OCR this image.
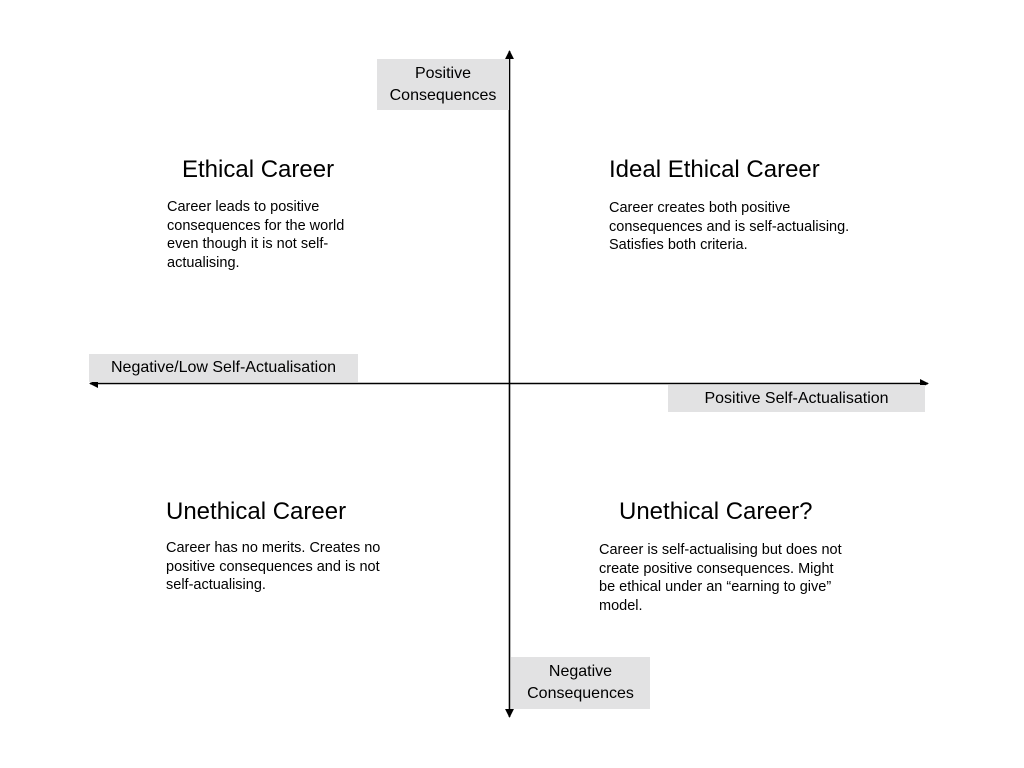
Positive
Consequences
Negative
Consequences
Negative/Low Self-Actualisation
Positive Self-Actualisation
Ethical Career
Career leads to positive consequences for the world even though it is not self-actualising.
Ideal Ethical Career
Career creates both positive consequences and is self-actualising. Satisfies both criteria.
Unethical Career
Career has no merits. Creates no positive consequences and is not self-actualising.
Unethical Career?
Career is self-actualising but does not create positive consequences. Might be ethical under an “earning to give” model.
